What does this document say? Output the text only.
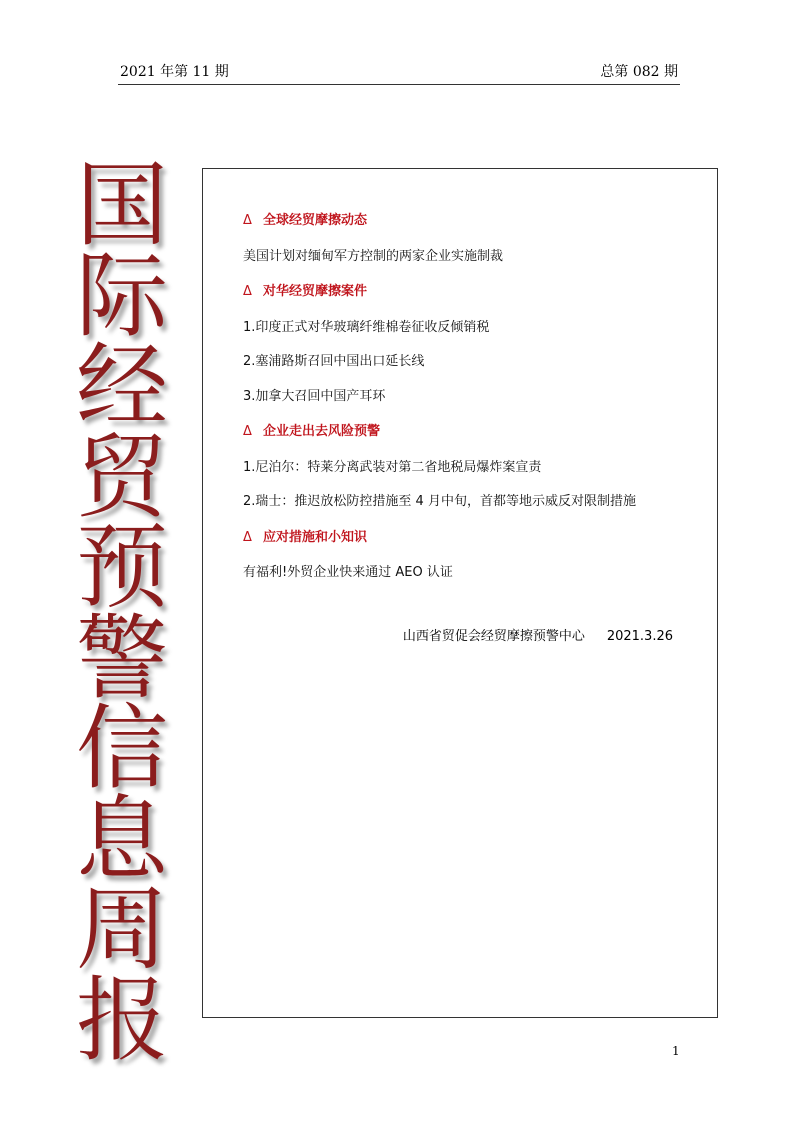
2021 年第 11 期	总第 082 期
国
际
经
贸
预
警
信
息
周
报
Δ 全球经贸摩擦动态
美国计划对缅甸军方控制的两家企业实施制裁
Δ 对华经贸摩擦案件
1.印度正式对华玻璃纤维棉卷征收反倾销税
2.塞浦路斯召回中国出口延长线
3.加拿大召回中国产耳环
Δ 企业走出去风险预警
1.尼泊尔：特莱分离武装对第二省地税局爆炸案宣责
2.瑞士：推迟放松防控措施至 4 月中旬，首都等地示威反对限制措施
Δ 应对措施和小知识
有福利!外贸企业快来通过 AEO 认证
山西省贸促会经贸摩擦预警中心 2021.3.26
1
